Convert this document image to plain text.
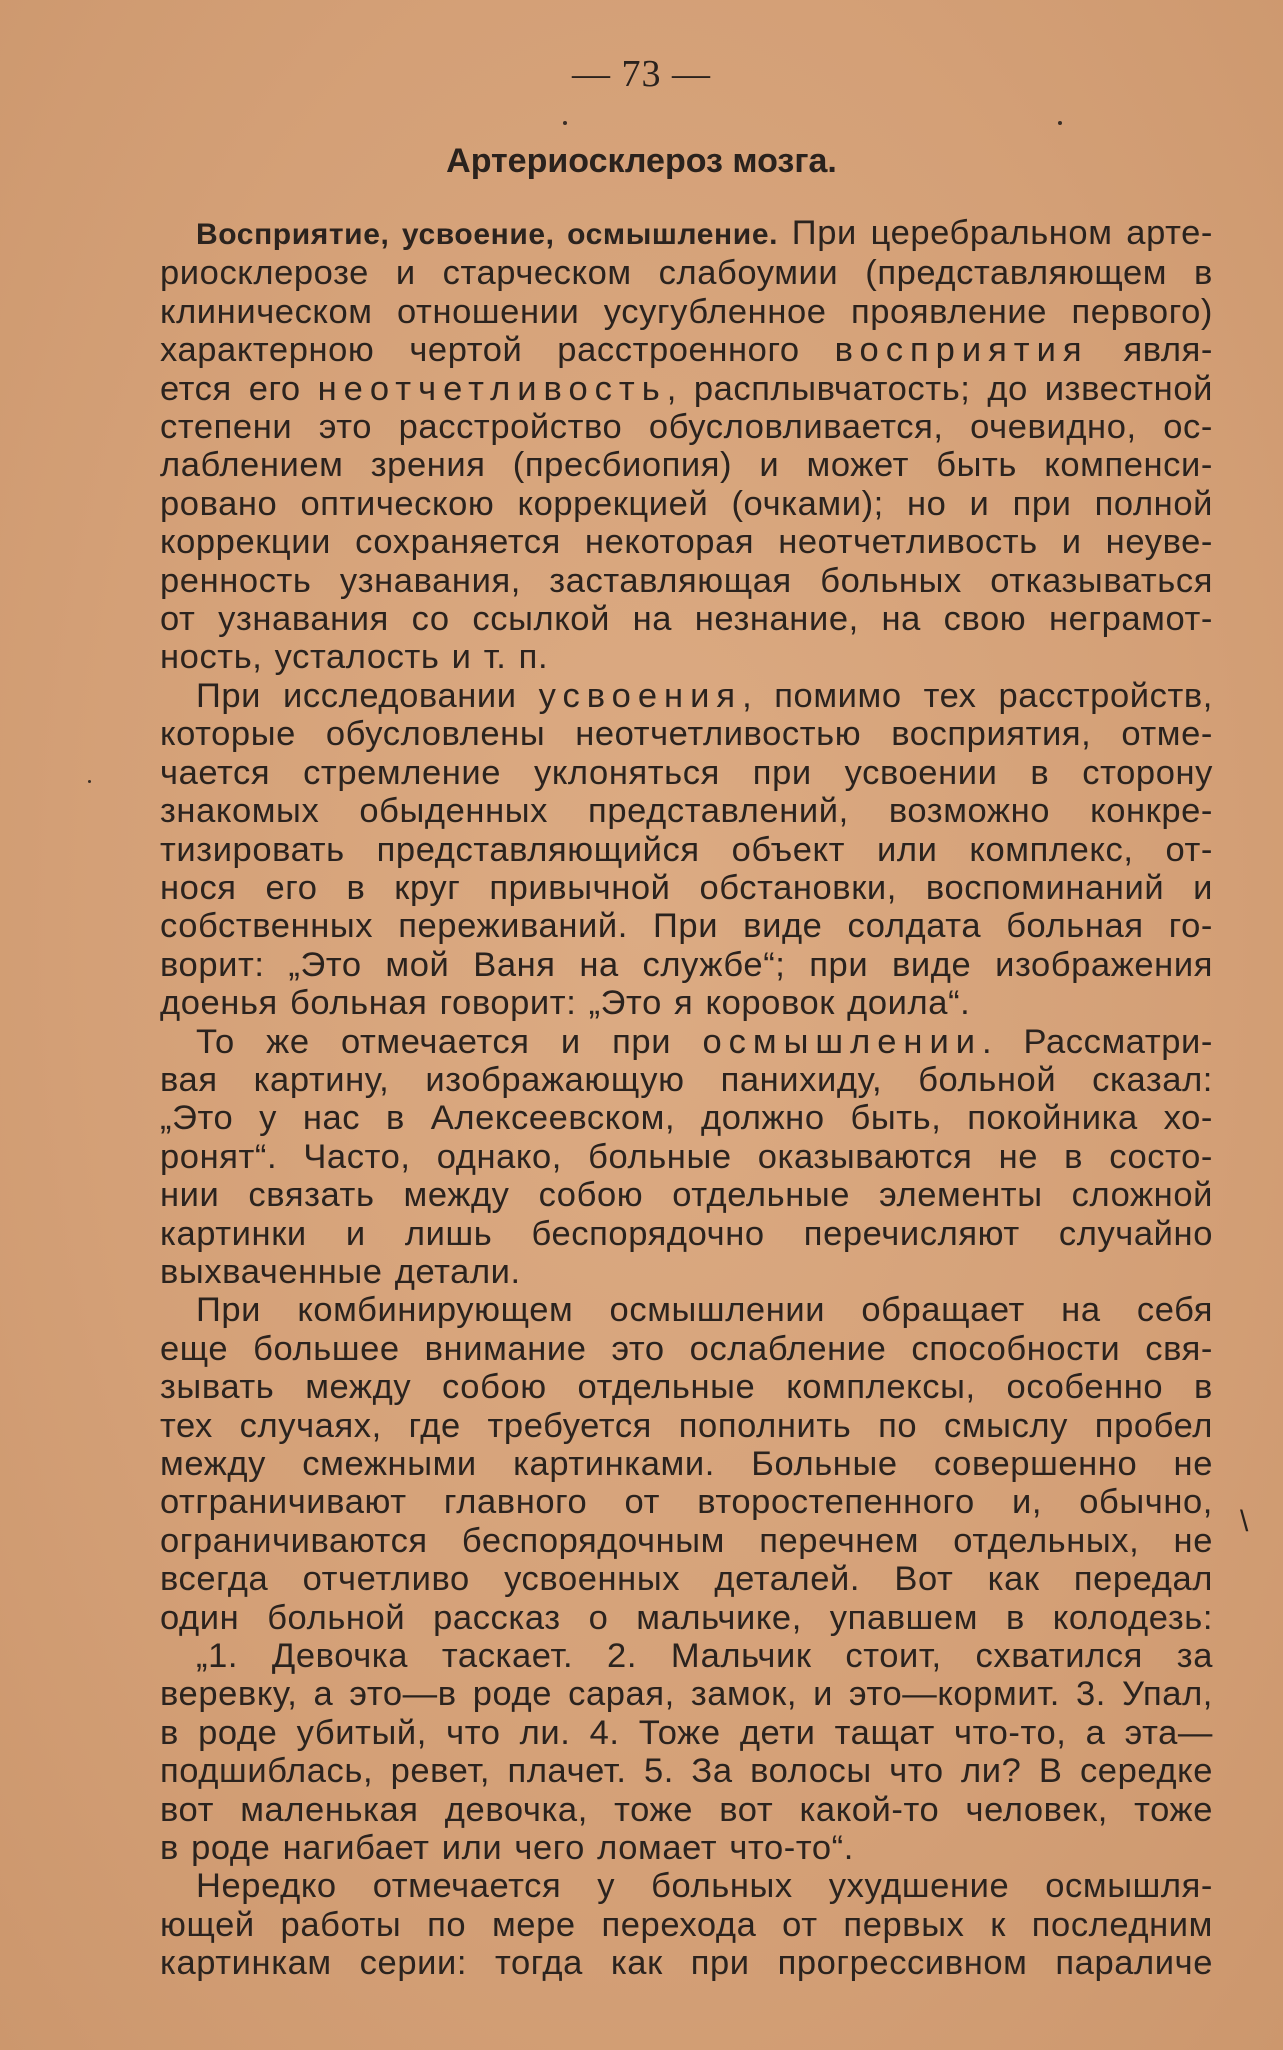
— 73 —
Артериосклероз мозга.
Восприятие, усвоение, осмышление. При церебральном арте-
риосклерозе и старческом слабоумии (представляющем в
клиническом отношении усугубленное проявление первого)
характерною чертой расстроенного восприятия явля-
ется его неотчетливость, расплывчатость; до известной
степени это расстройство обусловливается, очевидно, ос-
лаблением зрения (пресбиопия) и может быть компенси-
ровано оптическою коррекцией (очками); но и при полной
коррекции сохраняется некоторая неотчетливость и неуве-
ренность узнавания, заставляющая больных отказываться
от узнавания со ссылкой на незнание, на свою неграмот-
ность, усталость и т. п.
При исследовании усвоения, помимо тех расстройств,
которые обусловлены неотчетливостью восприятия, отме-
чается стремление уклоняться при усвоении в сторону
знакомых обыденных представлений, возможно конкре-
тизировать представляющийся объект или комплекс, от-
нося его в круг привычной обстановки, воспоминаний и
собственных переживаний. При виде солдата больная го-
ворит: „Это мой Ваня на службе“; при виде изображения
доенья больная говорит: „Это я коровок доила“.
То же отмечается и при осмышлении. Рассматри-
вая картину, изображающую панихиду, больной сказал:
„Это у нас в Алексеевском, должно быть, покойника хо-
ронят“. Часто, однако, больные оказываются не в состо-
нии связать между собою отдельные элементы сложной
картинки и лишь беспорядочно перечисляют случайно
выхваченные детали.
При комбинирующем осмышлении обращает на себя
еще большее внимание это ослабление способности свя-
зывать между собою отдельные комплексы, особенно в
тех случаях, где требуется пополнить по смыслу пробел
между смежными картинками. Больные совершенно не
отграничивают главного от второстепенного и, обычно,
ограничиваются беспорядочным перечнем отдельных, не
всегда отчетливо усвоенных деталей. Вот как передал
один больной рассказ о мальчике, упавшем в колодезь:
„1. Девочка таскает. 2. Мальчик стоит, схватился за
веревку, а это—в роде сарая, замок, и это—кормит. 3. Упал,
в роде убитый, что ли. 4. Тоже дети тащат что-то, а эта—
подшиблась, ревет, плачет. 5. За волосы что ли? В середке
вот маленькая девочка, тоже вот какой-то человек, тоже
в роде нагибает или чего ломает что-то“.
Нередко отмечается у больных ухудшение осмышля-
ющей работы по мере перехода от первых к последним
картинкам серии: тогда как при прогрессивном параличе
\
